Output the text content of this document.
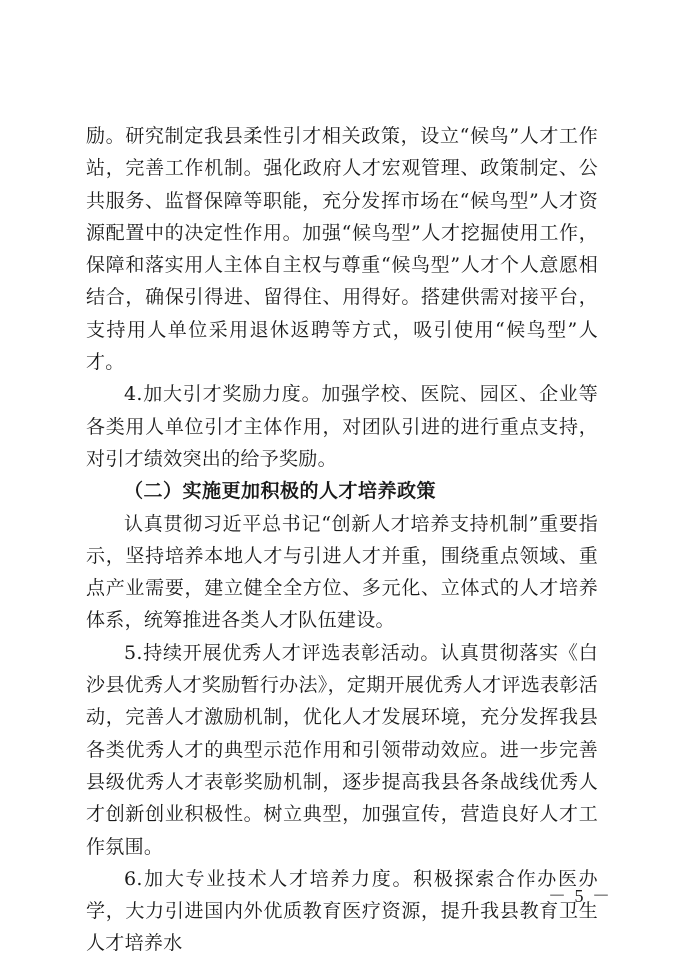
励。研究制定我县柔性引才相关政策，设立“候鸟”人才工作站，完善工作机制。强化政府人才宏观管理、政策制定、公共服务、监督保障等职能，充分发挥市场在“候鸟型”人才资源配置中的决定性作用。加强“候鸟型”人才挖掘使用工作，保障和落实用人主体自主权与尊重“候鸟型”人才个人意愿相结合，确保引得进、留得住、用得好。搭建供需对接平台，支持用人单位采用退休返聘等方式，吸引使用“候鸟型”人才。

4.加大引才奖励力度。加强学校、医院、园区、企业等各类用人单位引才主体作用，对团队引进的进行重点支持，对引才绩效突出的给予奖励。

（二）实施更加积极的人才培养政策

认真贯彻习近平总书记“创新人才培养支持机制”重要指示，坚持培养本地人才与引进人才并重，围绕重点领域、重点产业需要，建立健全全方位、多元化、立体式的人才培养体系，统筹推进各类人才队伍建设。

5.持续开展优秀人才评选表彰活动。认真贯彻落实《白沙县优秀人才奖励暂行办法》，定期开展优秀人才评选表彰活动，完善人才激励机制，优化人才发展环境，充分发挥我县各类优秀人才的典型示范作用和引领带动效应。进一步完善县级优秀人才表彰奖励机制，逐步提高我县各条战线优秀人才创新创业积极性。树立典型，加强宣传，营造良好人才工作氛围。

6.加大专业技术人才培养力度。积极探索合作办医办学，大力引进国内外优质教育医疗资源，提升我县教育卫生人才培养水

－ 5 －
